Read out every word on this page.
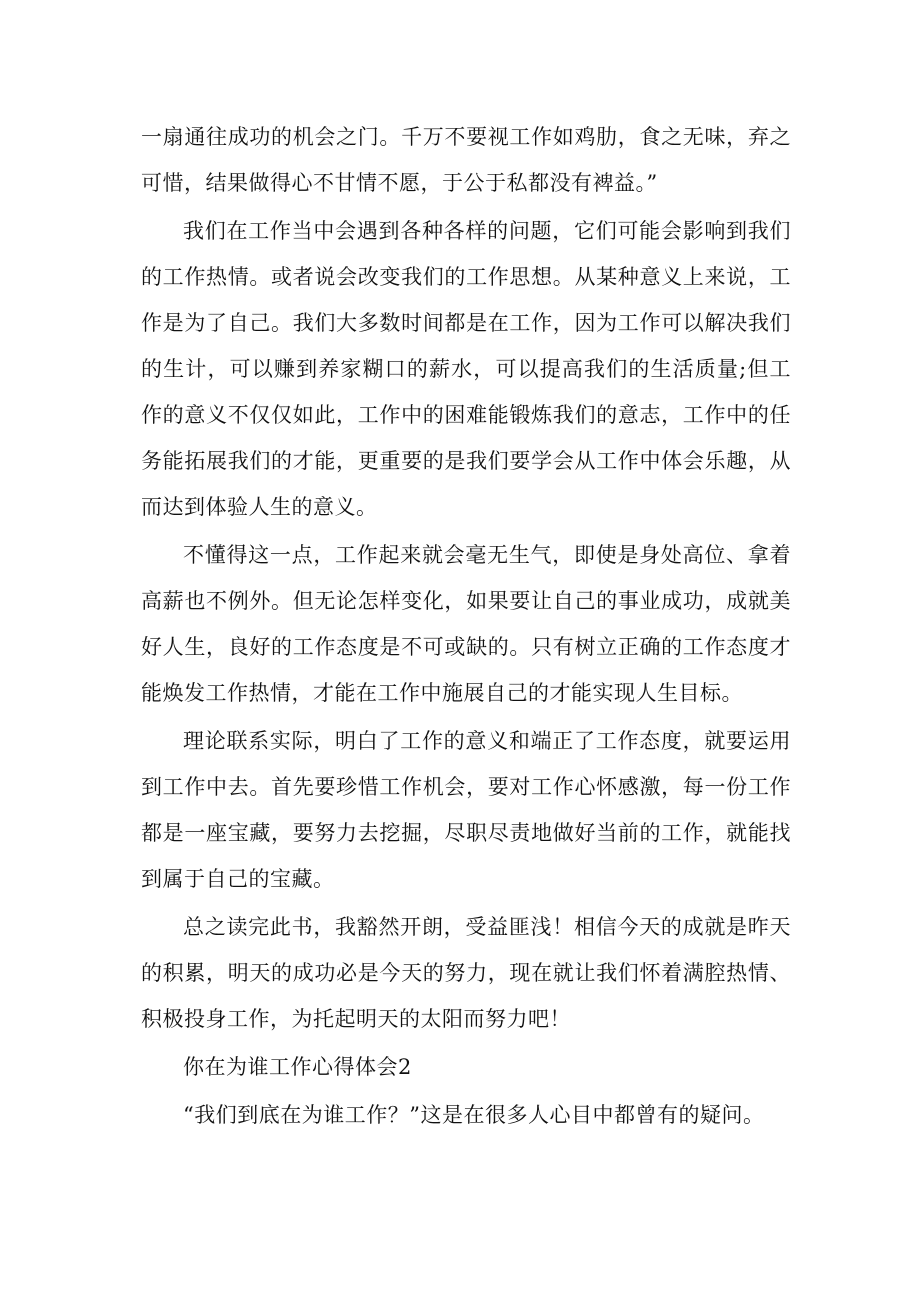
一扇通往成功的机会之门。千万不要视工作如鸡肋，食之无味，弃之可惜，结果做得心不甘情不愿，于公于私都没有裨益。”

我们在工作当中会遇到各种各样的问题，它们可能会影响到我们的工作热情。或者说会改变我们的工作思想。从某种意义上来说，工作是为了自己。我们大多数时间都是在工作，因为工作可以解决我们的生计，可以赚到养家糊口的薪水，可以提高我们的生活质量;但工作的意义不仅仅如此，工作中的困难能锻炼我们的意志，工作中的任务能拓展我们的才能，更重要的是我们要学会从工作中体会乐趣，从而达到体验人生的意义。

不懂得这一点，工作起来就会毫无生气，即使是身处高位、拿着高薪也不例外。但无论怎样变化，如果要让自己的事业成功，成就美好人生，良好的工作态度是不可或缺的。只有树立正确的工作态度才能焕发工作热情，才能在工作中施展自己的才能实现人生目标。

理论联系实际，明白了工作的意义和端正了工作态度，就要运用到工作中去。首先要珍惜工作机会，要对工作心怀感激，每一份工作都是一座宝藏，要努力去挖掘，尽职尽责地做好当前的工作，就能找到属于自己的宝藏。

总之读完此书，我豁然开朗，受益匪浅！相信今天的成就是昨天的积累，明天的成功必是今天的努力，现在就让我们怀着满腔热情、积极投身工作，为托起明天的太阳而努力吧！

你在为谁工作心得体会2

“我们到底在为谁工作？”这是在很多人心目中都曾有的疑问。
